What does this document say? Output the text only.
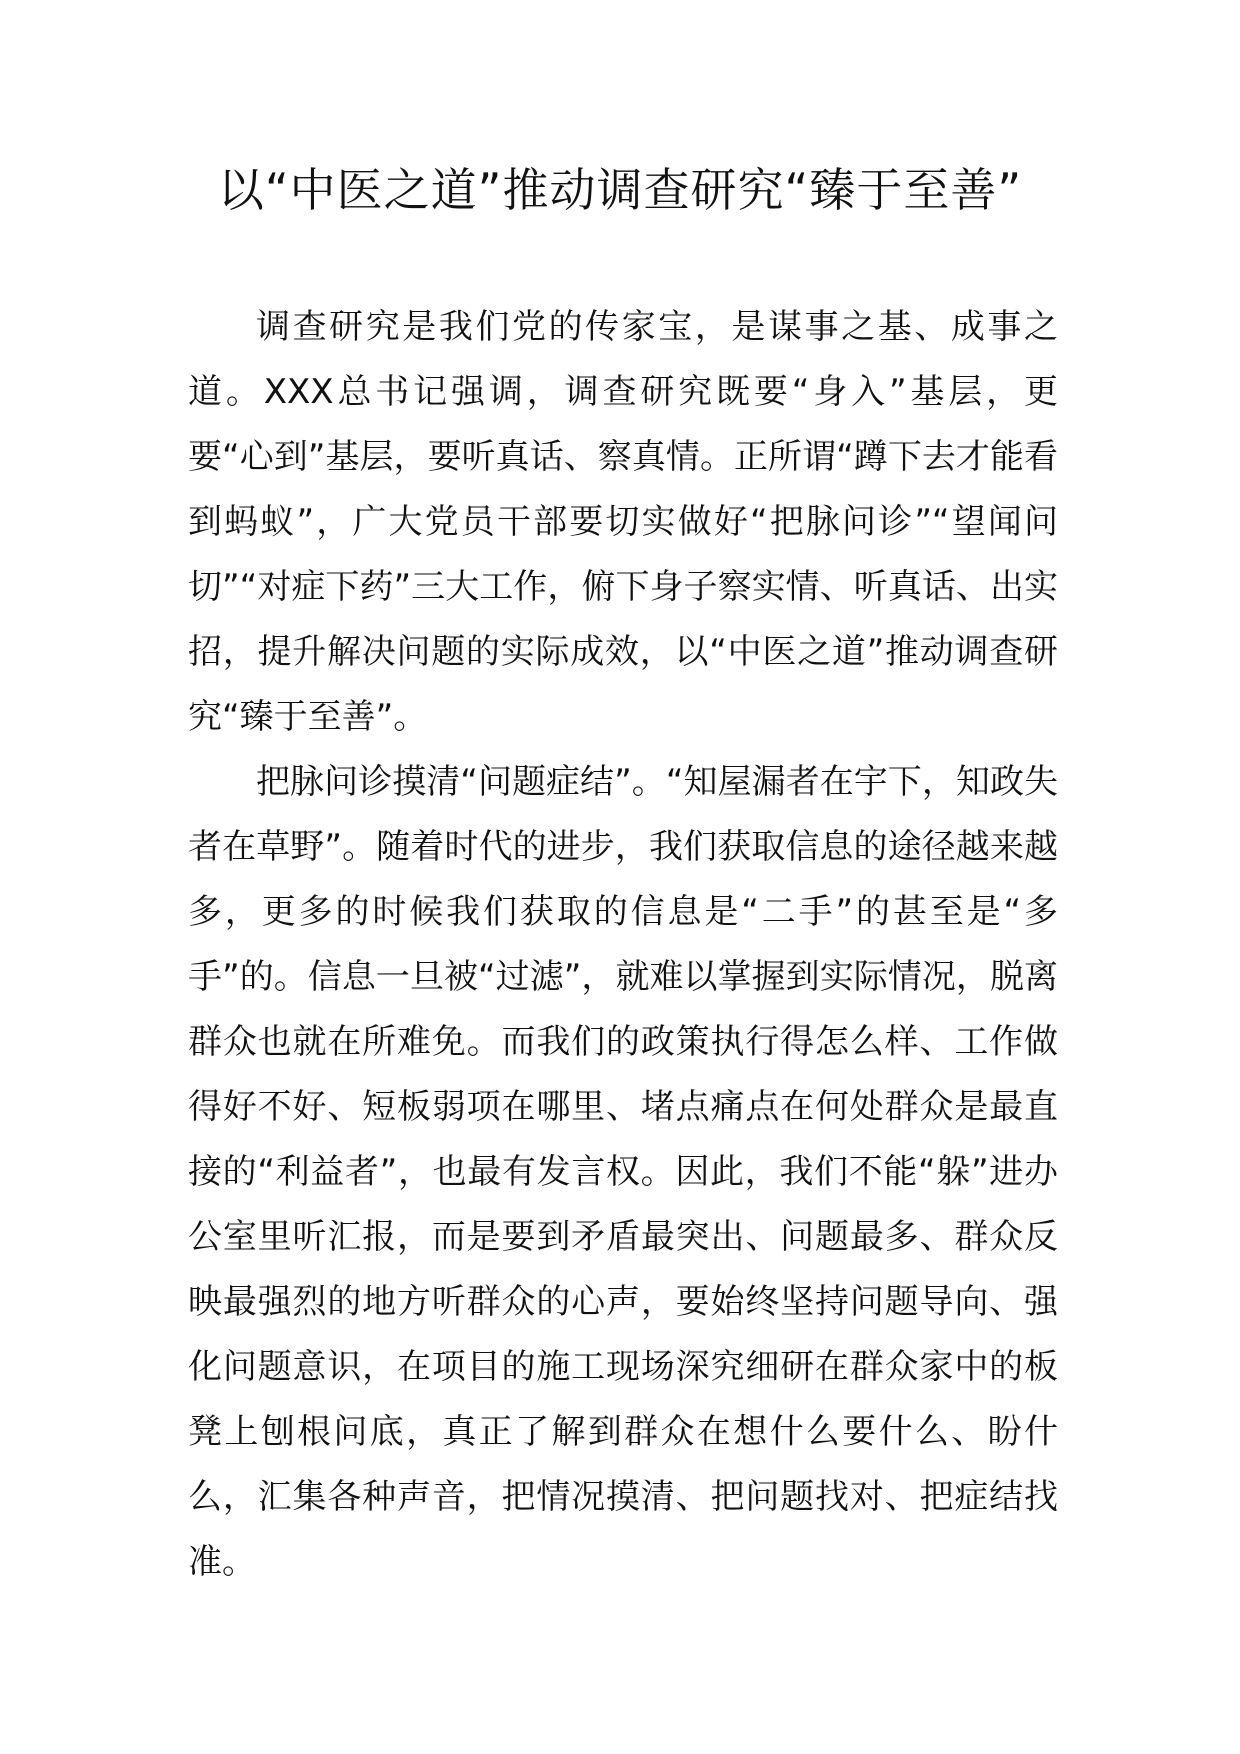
以“中医之道”推动调查研究“臻于至善”

调查研究是我们党的传家宝，是谋事之基、成事之道。XXX总书记强调，调查研究既要“身入”基层，更要“心到”基层，要听真话、察真情。正所谓“蹲下去才能看到蚂蚁”，广大党员干部要切实做好“把脉问诊”“望闻问切”“对症下药”三大工作，俯下身子察实情、听真话、出实招，提升解决问题的实际成效，以“中医之道”推动调查研究“臻于至善”。

把脉问诊摸清“问题症结”。“知屋漏者在宇下，知政失者在草野”。随着时代的进步，我们获取信息的途径越来越多，更多的时候我们获取的信息是“二手”的甚至是“多手”的。信息一旦被“过滤”，就难以掌握到实际情况，脱离群众也就在所难免。而我们的政策执行得怎么样、工作做得好不好、短板弱项在哪里、堵点痛点在何处群众是最直接的“利益者”，也最有发言权。因此，我们不能“躲”进办公室里听汇报，而是要到矛盾最突出、问题最多、群众反映最强烈的地方听群众的心声，要始终坚持问题导向、强化问题意识，在项目的施工现场深究细研在群众家中的板凳上刨根问底，真正了解到群众在想什么要什么、盼什么，汇集各种声音，把情况摸清、把问题找对、把症结找准。
